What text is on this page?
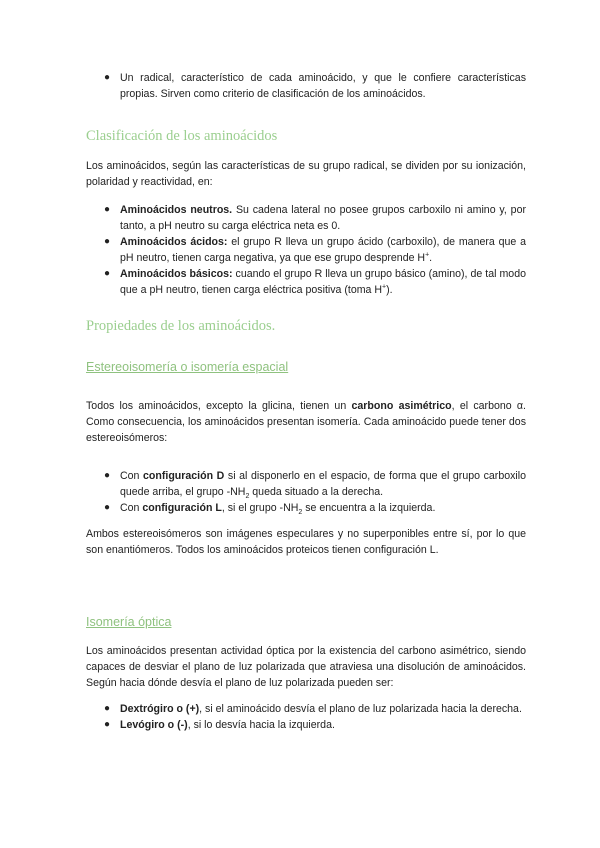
● Un radical, característico de cada aminoácido, y que le confiere características propias. Sirven como criterio de clasificación de los aminoácidos.
Clasificación de los aminoácidos

Los aminoácidos, según las características de su grupo radical, se dividen por su ionización, polaridad y reactividad, en:

● Aminoácidos neutros. Su cadena lateral no posee grupos carboxilo ni amino y, por tanto, a pH neutro su carga eléctrica neta es 0.
● Aminoácidos ácidos: el grupo R lleva un grupo ácido (carboxilo), de manera que a pH neutro, tienen carga negativa, ya que ese grupo desprende H+.
● Aminoácidos básicos: cuando el grupo R lleva un grupo básico (amino), de tal modo que a pH neutro, tienen carga eléctrica positiva (toma H+).
Propiedades de los aminoácidos.
Estereoisomería o isomería espacial

Todos los aminoácidos, excepto la glicina, tienen un carbono asimétrico, el carbono α. Como consecuencia, los aminoácidos presentan isomería. Cada aminoácido puede tener dos estereoisómeros:

● Con configuración D si al disponerlo en el espacio, de forma que el grupo carboxilo quede arriba, el grupo $-NH_2$ queda situado a la derecha.
● Con configuración L, si el grupo $-NH_2$ se encuentra a la izquierda.

Ambos estereoisómeros son imágenes especulares y no superponibles entre sí, por lo que son enantiómeros. Todos los aminoácidos proteicos tienen configuración L.

Isomería óptica

Los aminoácidos presentan actividad óptica por la existencia del carbono asimétrico, siendo capaces de desviar el plano de luz polarizada que atraviesa una disolución de aminoácidos. Según hacia dónde desvía el plano de luz polarizada pueden ser:

● Dextrógiro o (+), si el aminoácido desvía el plano de luz polarizada hacia la derecha.
● Levógiro o (-), si lo desvía hacia la izquierda.
